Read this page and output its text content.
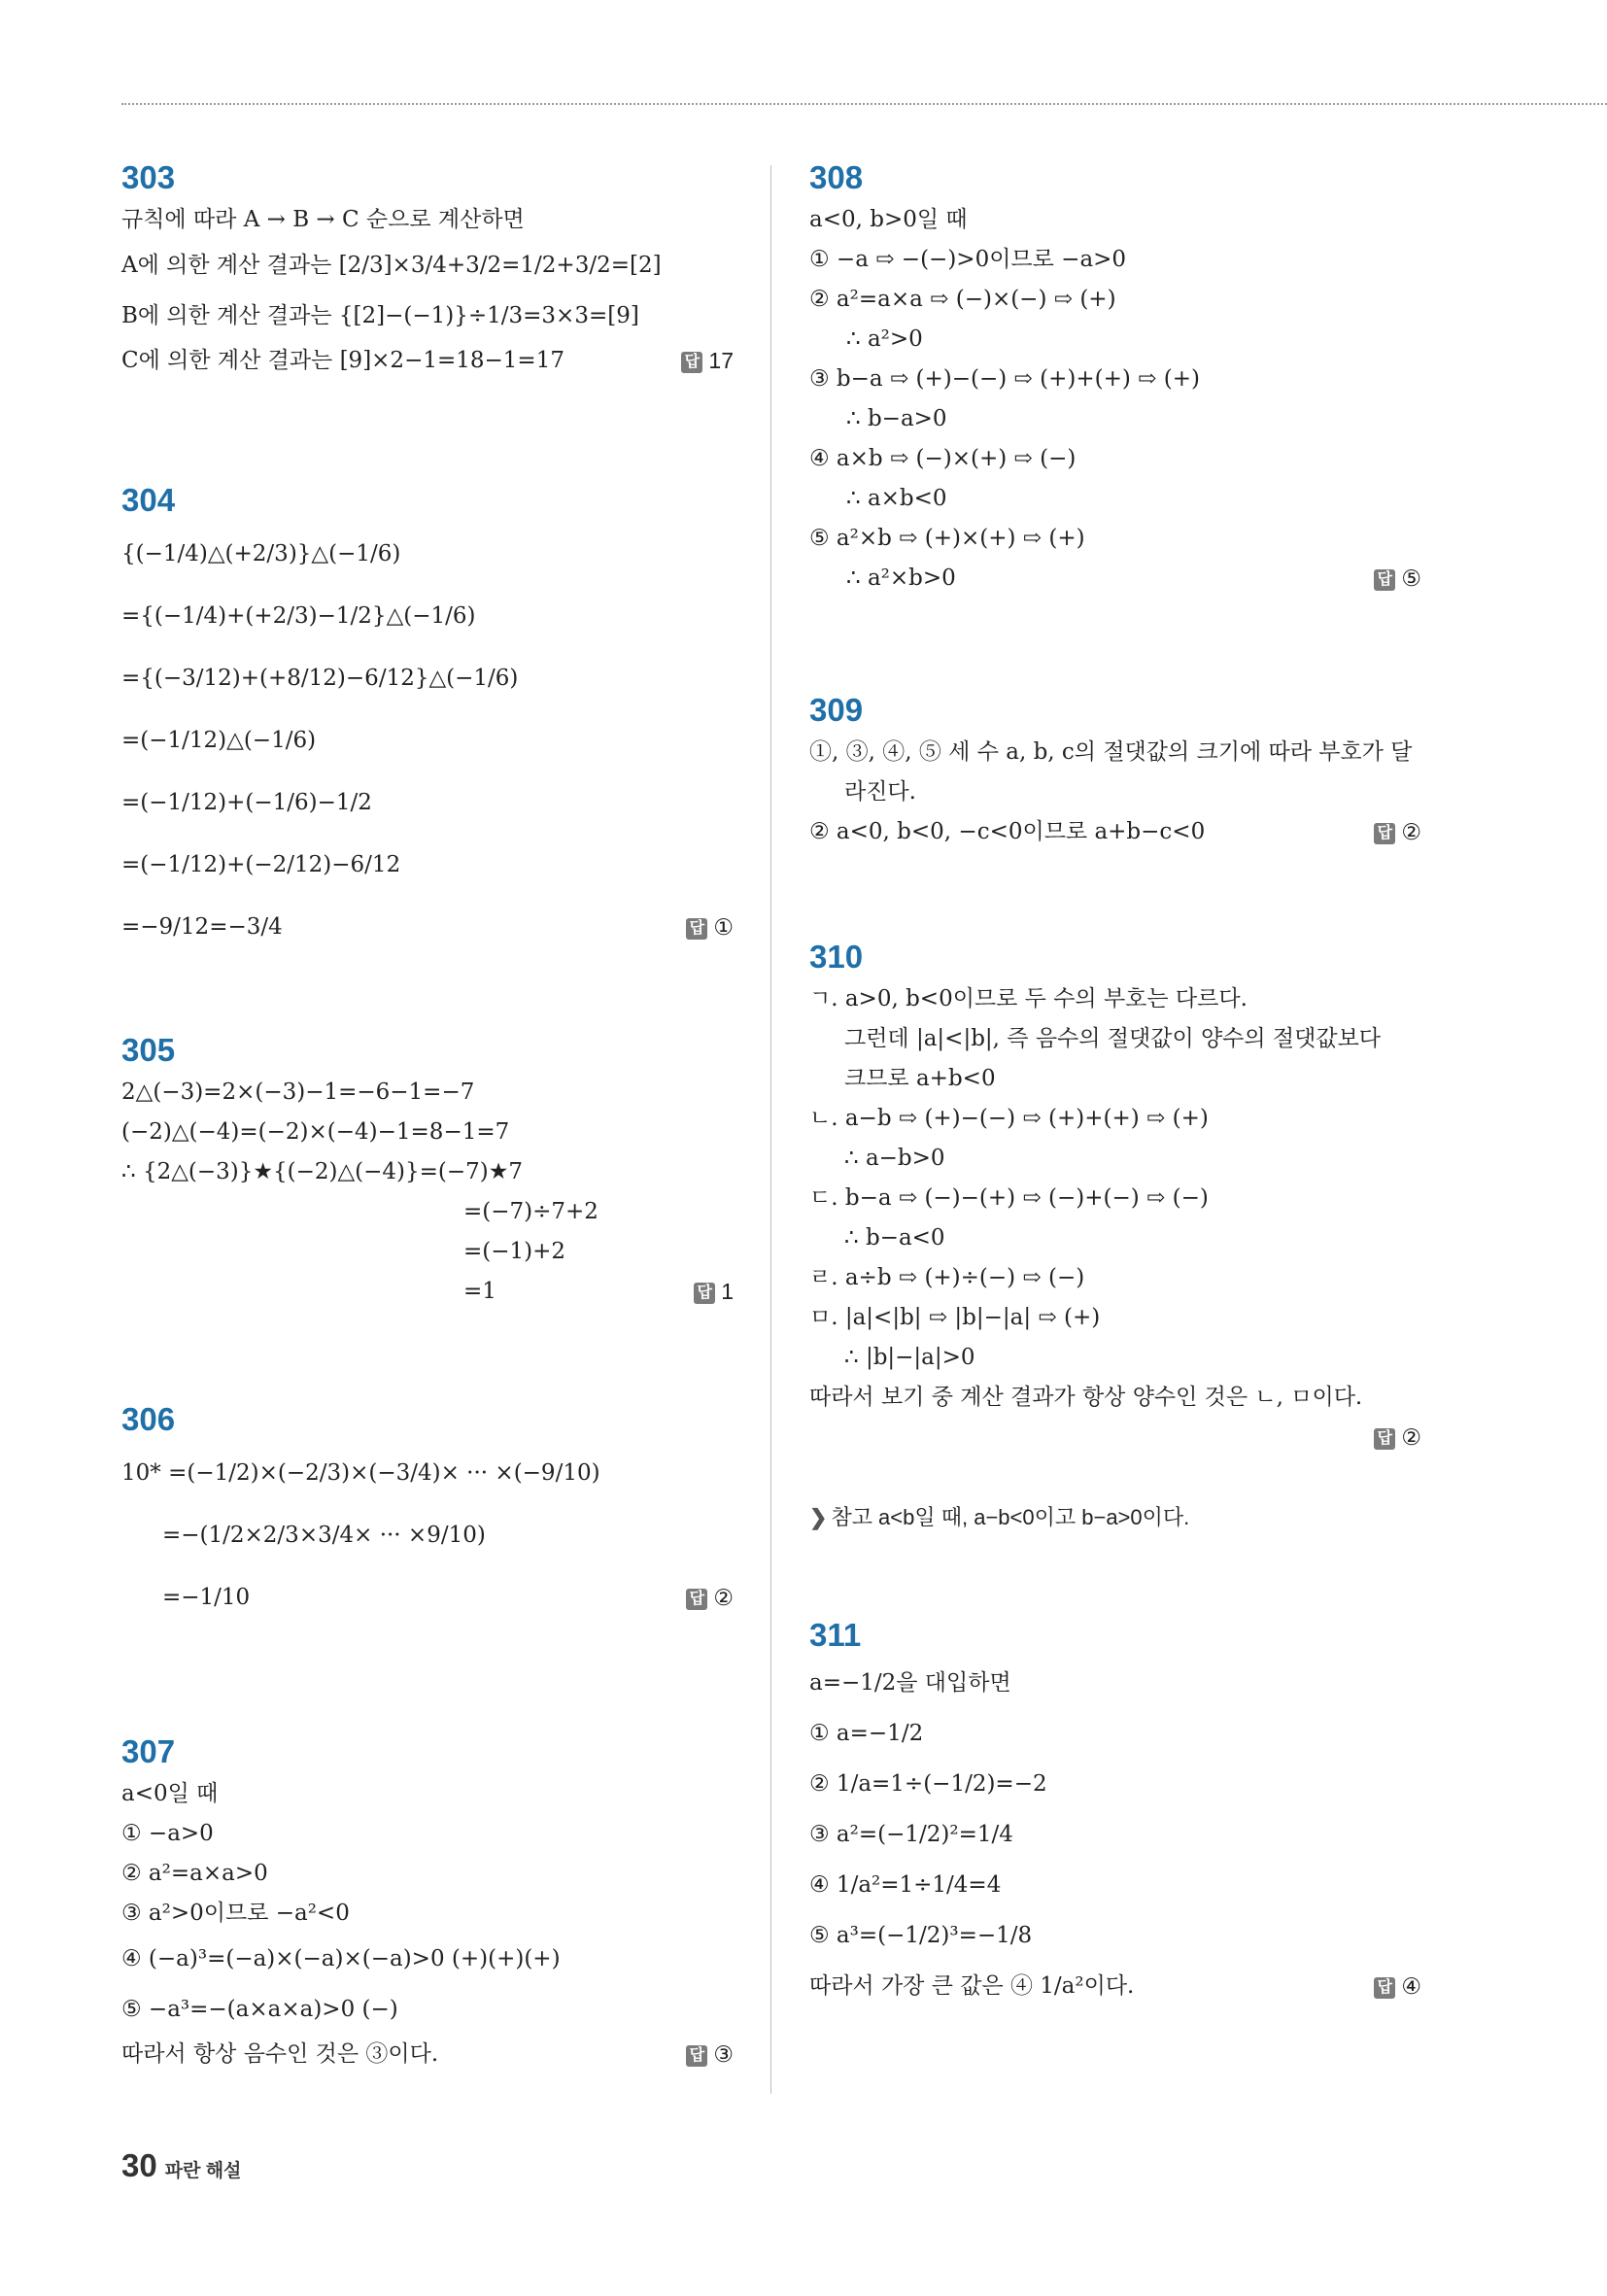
303
규칙에 따라 A → B → C 순으로 계산하면
A에 의한 계산 결과는 [2/3]×3/4+3/2=1/2+3/2=[2]
B에 의한 계산 결과는 {[2]−(−1)}÷1/3=3×3=[9]
C에 의한 계산 결과는 [9]×2−1=18−1=17	답 17
304
{(−1/4)△(+2/3)}△(−1/6)
={(−1/4)+(+2/3)−1/2}△(−1/6)
={(−3/12)+(+8/12)−6/12}△(−1/6)
=(−1/12)△(−1/6)
=(−1/12)+(−1/6)−1/2
=(−1/12)+(−2/12)−6/12
=−9/12=−3/4	답 ①
305
2△(−3)=2×(−3)−1=−6−1=−7
(−2)△(−4)=(−2)×(−4)−1=8−1=7
∴ {2△(−3)}★{(−2)△(−4)}=(−7)★7
=(−7)÷7+2
=(−1)+2
=1	답 1
306
10* =(−1/2)×(−2/3)×(−3/4)× ··· ×(−9/10)
=−(1/2×2/3×3/4× ··· ×9/10)
=−1/10	답 ②
307
a<0일 때
① −a>0
② a²=a×a>0
③ a²>0이므로 −a²<0
④ (−a)³=(−a)×(−a)×(−a)>0 (+)(+)(+)
⑤ −a³=−(a×a×a)>0 (−)
따라서 항상 음수인 것은 ③이다.	답 ③
308
a<0, b>0일 때
① −a ⇨ −(−)>0이므로 −a>0
② a²=a×a ⇨ (−)×(−) ⇨ (+)
∴ a²>0
③ b−a ⇨ (+)−(−) ⇨ (+)+(+) ⇨ (+)
∴ b−a>0
④ a×b ⇨ (−)×(+) ⇨ (−)
∴ a×b<0
⑤ a²×b ⇨ (+)×(+) ⇨ (+)
∴ a²×b>0	답 ⑤
309
①, ③, ④, ⑤ 세 수 a, b, c의 절댓값의 크기에 따라 부호가 달
라진다.
② a<0, b<0, −c<0이므로 a+b−c<0	답 ②
310
ㄱ. a>0, b<0이므로 두 수의 부호는 다르다.
그런데 |a|<|b|, 즉 음수의 절댓값이 양수의 절댓값보다
크므로 a+b<0
ㄴ. a−b ⇨ (+)−(−) ⇨ (+)+(+) ⇨ (+)
∴ a−b>0
ㄷ. b−a ⇨ (−)−(+) ⇨ (−)+(−) ⇨ (−)
∴ b−a<0
ㄹ. a÷b ⇨ (+)÷(−) ⇨ (−)
ㅁ. |a|<|b| ⇨ |b|−|a| ⇨ (+)
∴ |b|−|a|>0
따라서 보기 중 계산 결과가 항상 양수인 것은 ㄴ, ㅁ이다.
답 ②
❯ 참고 a<b일 때, a−b<0이고 b−a>0이다.
311
a=−1/2을 대입하면
① a=−1/2
② 1/a=1÷(−1/2)=−2
③ a²=(−1/2)²=1/4
④ 1/a²=1÷1/4=4
⑤ a³=(−1/2)³=−1/8
따라서 가장 큰 값은 ④ 1/a²이다.	답 ④
30 파란 해설
